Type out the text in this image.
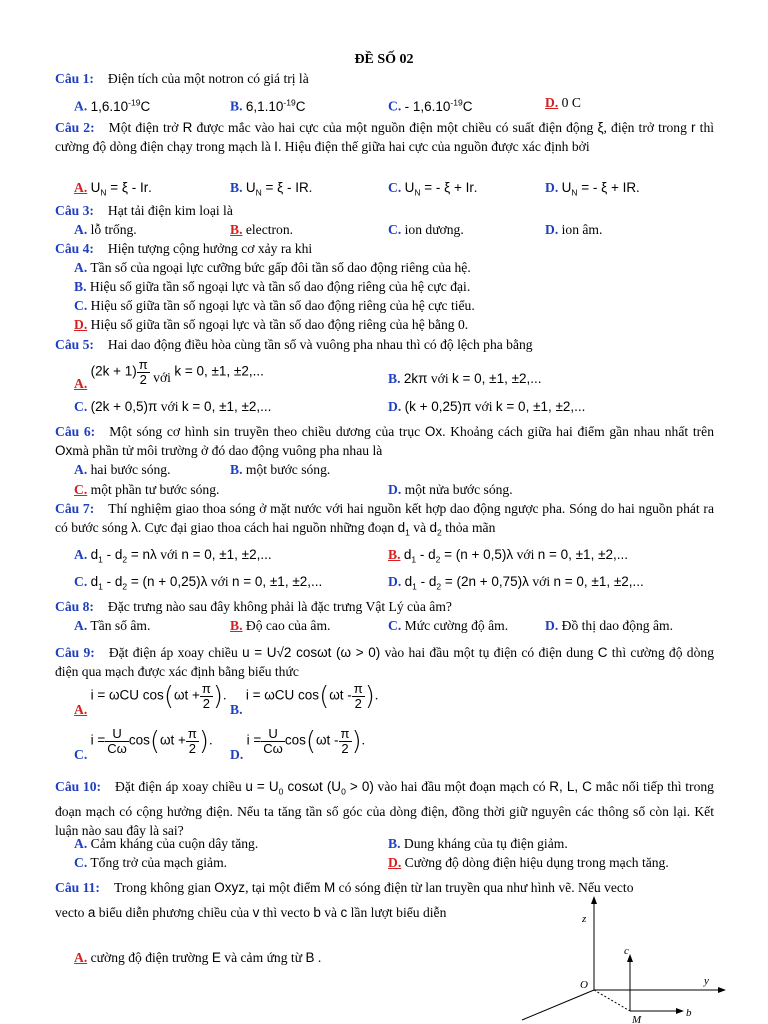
ĐỀ SỐ 02
Câu 1: Điện tích của một notron có giá trị là
A. $1,6.10^{-19}C$	B. $6,1.10^{-19}C$	C. - $1,6.10^{-19}C$	D. 0 C
Câu 2: Một điện trở R được mắc vào hai cực của một nguồn điện một chiều có suất điện động ξ, điện trở trong r thì cường độ dòng điện chạy trong mạch là I. Hiệu điện thế giữa hai cực của nguồn được xác định bởi
A. $U_N = \xi - Ir$.	B. $U_N = \xi$ - IR.	C. $U_N$ = - ξ + Ir.	D. $U_N$ = - ξ + IR.
Câu 3: Hạt tải điện kim loại là
A. lỗ trống.	B. electron.	C. ion dương.	D. ion âm.
Câu 4: Hiện tượng cộng hưởng cơ xảy ra khi
A. Tần số của ngoại lực cưỡng bức gấp đôi tần số dao động riêng của hệ.
B. Hiệu số giữa tần số ngoại lực và tần số dao động riêng của hệ cực đại.
C. Hiệu số giữa tần số ngoại lực và tần số dao động riêng của hệ cực tiểu.
D. Hiệu số giữa tần số ngoại lực và tần số dao động riêng của hệ bằng 0.
Câu 5: Hai dao động điều hòa cùng tần số và vuông pha nhau thì có độ lệch pha bằng
A. $(2k + 1) \frac{\pi}{2}$ với k = 0, ±1, ±2,...	B. 2kπ với k = 0, ±1, ±2,...
C. (2k + 0,5)π với k = 0, ±1, ±2,...	D. (k + 0,25)π với k = 0, ±1, ±2,...
Câu 6: Một sóng cơ hình sin truyền theo chiều dương của trục Ox. Khoảng cách giữa hai điểm gần nhau nhất trên Oxmà phần tử môi trường ở đó dao động vuông pha nhau là
A. hai bước sóng.	B. một bước sóng.
C. một phần tư bước sóng.	D. một nửa bước sóng.
Câu 7: Thí nghiệm giao thoa sóng ở mặt nước với hai nguồn kết hợp dao động ngược pha. Sóng do hai nguồn phát ra có bước sóng λ. Cực đại giao thoa cách hai nguồn những đoạn $d_1$ và $d_2$ thỏa mãn
A. $d_1 - d_2 = n\lambda$ với n = 0, ±1, ±2,...	B. $d_1 - d_2 = (n + 0,5)\lambda$ với n = 0, ±1, ±2,...
C. $d_1 - d_2 = (n + 0,25)\lambda$ với n = 0, ±1, ±2,...	D. $d_1 - d_2 = (2n + 0,75)\lambda$ với n = 0, ±1, ±2,...
Câu 8: Đặc trưng nào sau đây không phải là đặc trưng Vật Lý của âm?
A. Tần số âm.	B. Độ cao của âm.	C. Mức cường độ âm.	D. Đồ thị dao động âm.
Câu 9: Đặt điện áp xoay chiều u = U√2 cosωt (ω > 0) vào hai đầu một tụ điện có điện dung C thì cường độ dòng điện qua mạch được xác định bằng biểu thức
A. i = ωCU $\cos(\omega t + \frac{\pi}{2}$ ).
B. i = ωCU $\cos(\omega t - \frac{\pi}{2}$ ).
C. $i = \frac{U}{C\omega} \cos(\omega t + \frac{\pi}{2}$ ).
D. $i = \frac{U}{C\omega} \cos(\omega t - \frac{\pi}{2}$ ).
Câu 10: Đặt điện áp xoay chiều $u = U_0$ cosωt $(U_0 > 0)$ vào hai đầu một đoạn mạch có R, L, C mắc nối tiếp thì trong đoạn mạch có cộng hưởng điện. Nếu ta tăng tần số góc của dòng điện, đồng thời giữ nguyên các thông số còn lại. Kết luận nào sau đây là sai?
A. Cảm kháng của cuộn dây tăng.	B. Dung kháng của tụ điện giảm.
C. Tổng trở của mạch giảm.	D. Cường độ dòng điện hiệu dụng trong mạch tăng.
Câu 11: Trong không gian Oxyz, tại một điểm M có sóng điện từ lan truyền qua như hình vẽ. Nếu vecto
vecto a biểu diễn phương chiều của v thì vecto b và c lần lượt biểu diễn
A. cường độ điện trường E và cảm ứng từ B .
z
y
O
c
b
M
